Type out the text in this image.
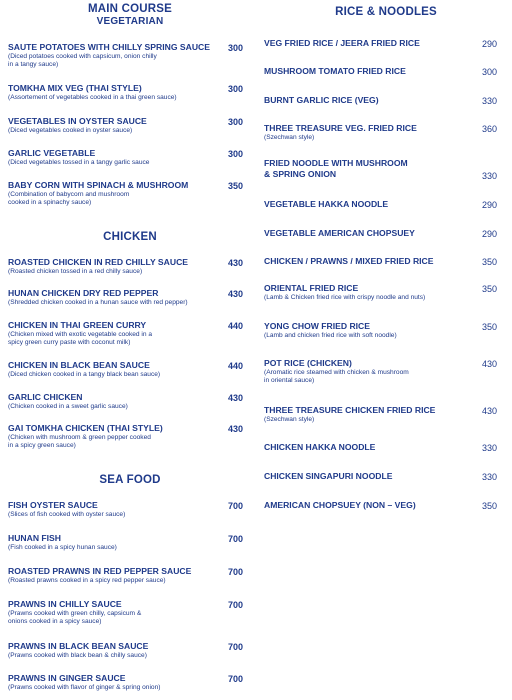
MAIN COURSE
VEGETARIAN
SAUTE POTATOES WITH CHILLY SPRING SAUCE
(Diced potatoes cooked with capsicum, onion chilly
in a tangy sauce)
300
TOMKHA MIX VEG (THAI STYLE)
(Assortement of vegetables cooked in a thai green sauce)
300
VEGETABLES IN OYSTER SAUCE
(Diced vegetables cooked in oyster sauce)
300
GARLIC VEGETABLE
(Diced vegetables tossed in a tangy garlic sauce
300
BABY CORN WITH SPINACH & MUSHROOM
(Combination of babycorn and mushroom
cooked in a spinachy sauce)
350
CHICKEN
ROASTED CHICKEN IN RED CHILLY SAUCE
(Roasted chicken tossed in a red chilly sauce)
430
HUNAN CHICKEN DRY RED PEPPER
(Shredded chicken cooked in a hunan sauce with red pepper)
430
CHICKEN IN THAI GREEN CURRY
(Chicken mixed with exotic vegetable cooked in a
spicy green curry paste with coconut milk)
440
CHICKEN IN BLACK BEAN SAUCE
(Diced chicken cooked in a tangy black bean sauce)
440
GARLIC CHICKEN
(Chicken cooked in a sweet garlic sauce)
430
GAI TOMKHA CHICKEN (THAI STYLE)
(Chicken with mushroom & green pepper cooked
in a spicy green sauce)
430
SEA FOOD
FISH OYSTER SAUCE
(Slices of fish cooked with oyster sauce)
700
HUNAN FISH
(Fish cooked in a spicy hunan sauce)
700
ROASTED PRAWNS IN RED PEPPER SAUCE
(Roasted prawns cooked in a spicy red pepper sauce)
700
PRAWNS IN CHILLY SAUCE
(Prawns cooked with green chilly, capsicum &
onions cooked in a spicy sauce)
700
PRAWNS IN BLACK BEAN SAUCE
(Prawns cooked with black bean & chilly sauce)
700
PRAWNS IN GINGER SAUCE
(Prawns cooked with flavor of ginger & spring onion)
700
RICE & NOODLES
VEG FRIED RICE / JEERA FRIED RICE	290
MUSHROOM TOMATO FRIED RICE	300
BURNT GARLIC RICE (VEG)	330
THREE TREASURE VEG. FRIED RICE
(Szechwan style)
360
FRIED NOODLE WITH MUSHROOM
& SPRING ONION	330
VEGETABLE HAKKA NOODLE	290
VEGETABLE AMERICAN CHOPSUEY	290
CHICKEN / PRAWNS / MIXED FRIED RICE	350
ORIENTAL FRIED RICE
(Lamb & Chicken fried rice with crispy noodle and nuts)
350
YONG CHOW FRIED RICE
(Lamb and chicken fried rice with soft noodle)
350
POT RICE (CHICKEN)
(Aromatic rice steamed with chicken & mushroom
in oriental sauce)
430
THREE TREASURE CHICKEN FRIED RICE
(Szechwan style)
430
CHICKEN HAKKA NOODLE	330
CHICKEN SINGAPURI NOODLE	330
AMERICAN CHOPSUEY (NON – VEG)	350
